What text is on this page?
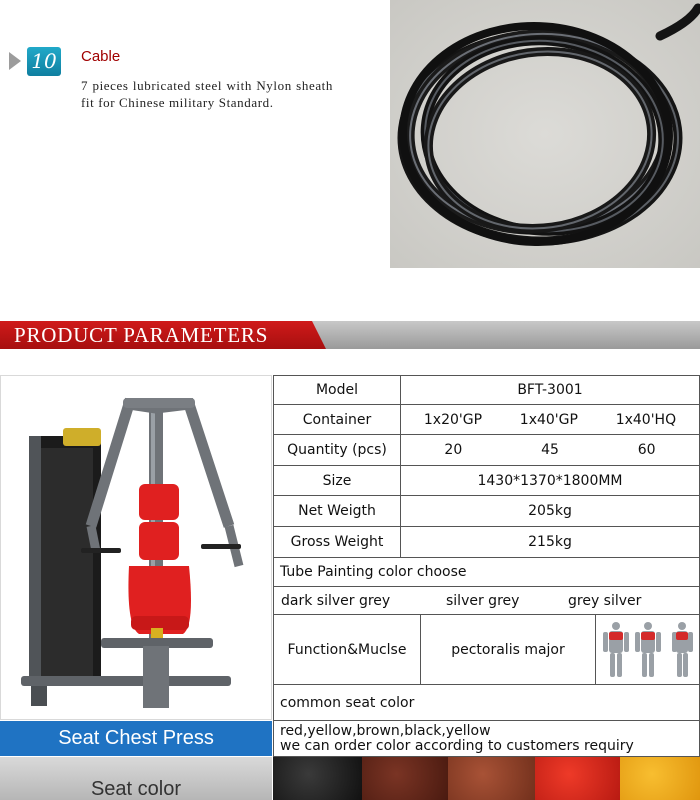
10 Cable
7 pieces lubricated steel with Nylon sheath fit for Chinese military Standard.
PRODUCT PARAMETERS
Seat Chest Press
Seat color
Model	BFT-3001
Container	1x20'GP	1x40'GP	1x40'HQ
Quantity (pcs)	20	45	60
Size	1430*1370*1800MM
Net Weigth	205kg
Gross Weight	215kg
Tube Painting color choose
dark silver grey	silver grey	grey silver
Function&Muclse	pectoralis major
common seat color
red,yellow,brown,black,yellow
we can order color according to customers requiry
